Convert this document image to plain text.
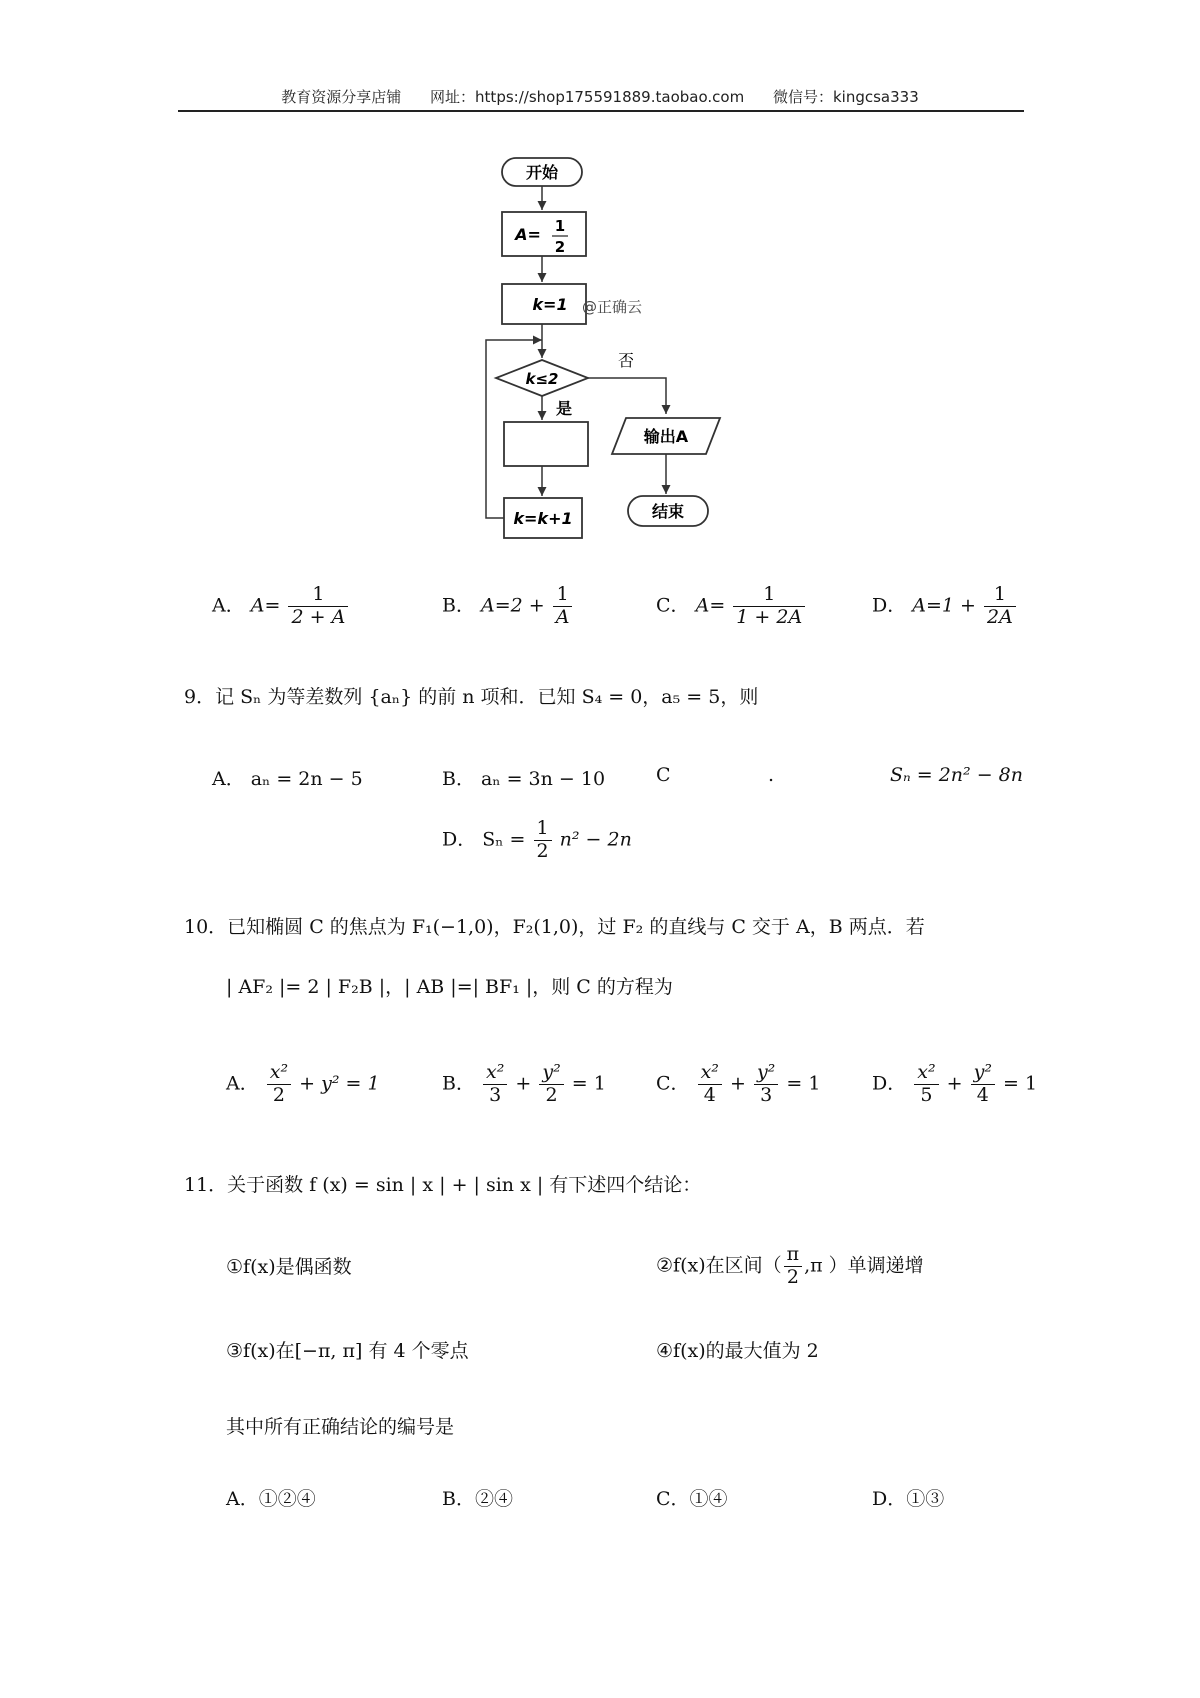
教育资源分享店铺 网址：https://shop175591889.taobao.com 微信号：kingcsa333
开始
A= 1
2
k=1 @正确云
k≤2
否
输出A
结束
是
k=k+1
A． $A= \frac{1}{2 + A}$	B． $A=2 + \frac{1}{A}$	C． $A= \frac{1}{1 + 2A}$	D． $A=1 + \frac{1}{2A}$
9．记 Sₙ 为等差数列 {aₙ} 的前 n 项和．已知 S₄ = 0，a₅ = 5，则
A． aₙ = 2n − 5	B． aₙ = 3n − 10	C	.	Sₙ = 2n² − 8n
D． $S_n = \frac{1}{2} n^2 - 2n$
10．已知椭圆 C 的焦点为 F₁(−1,0)，F₂(1,0)，过 F₂ 的直线与 C 交于 A，B 两点．若
| AF₂ |= 2 | F₂B |，| AB |=| BF₁ |，则 C 的方程为
A． $\frac{\text{x²}}{2} + y^2 = 1$	B． $\frac{\text{x²}}{3} + \frac{\text{y²}}{2} = 1$	C． $\frac{\text{x²}}{4} + \frac{\text{y²}}{3} = 1$	D． $\frac{\text{x²}}{5} + \frac{\text{y²}}{4} = 1$
11．关于函数 f (x) = sin | x | + | sin x | 有下述四个结论：
①f(x)是偶函数	②f(x)在区间（ $\frac{\pi}{2} ,\pi$ ）单调递增
③f(x)在[−π, π] 有 4 个零点	④f(x)的最大值为 2
其中所有正确结论的编号是
A．①②④	B．②④	C．①④	D．①③
